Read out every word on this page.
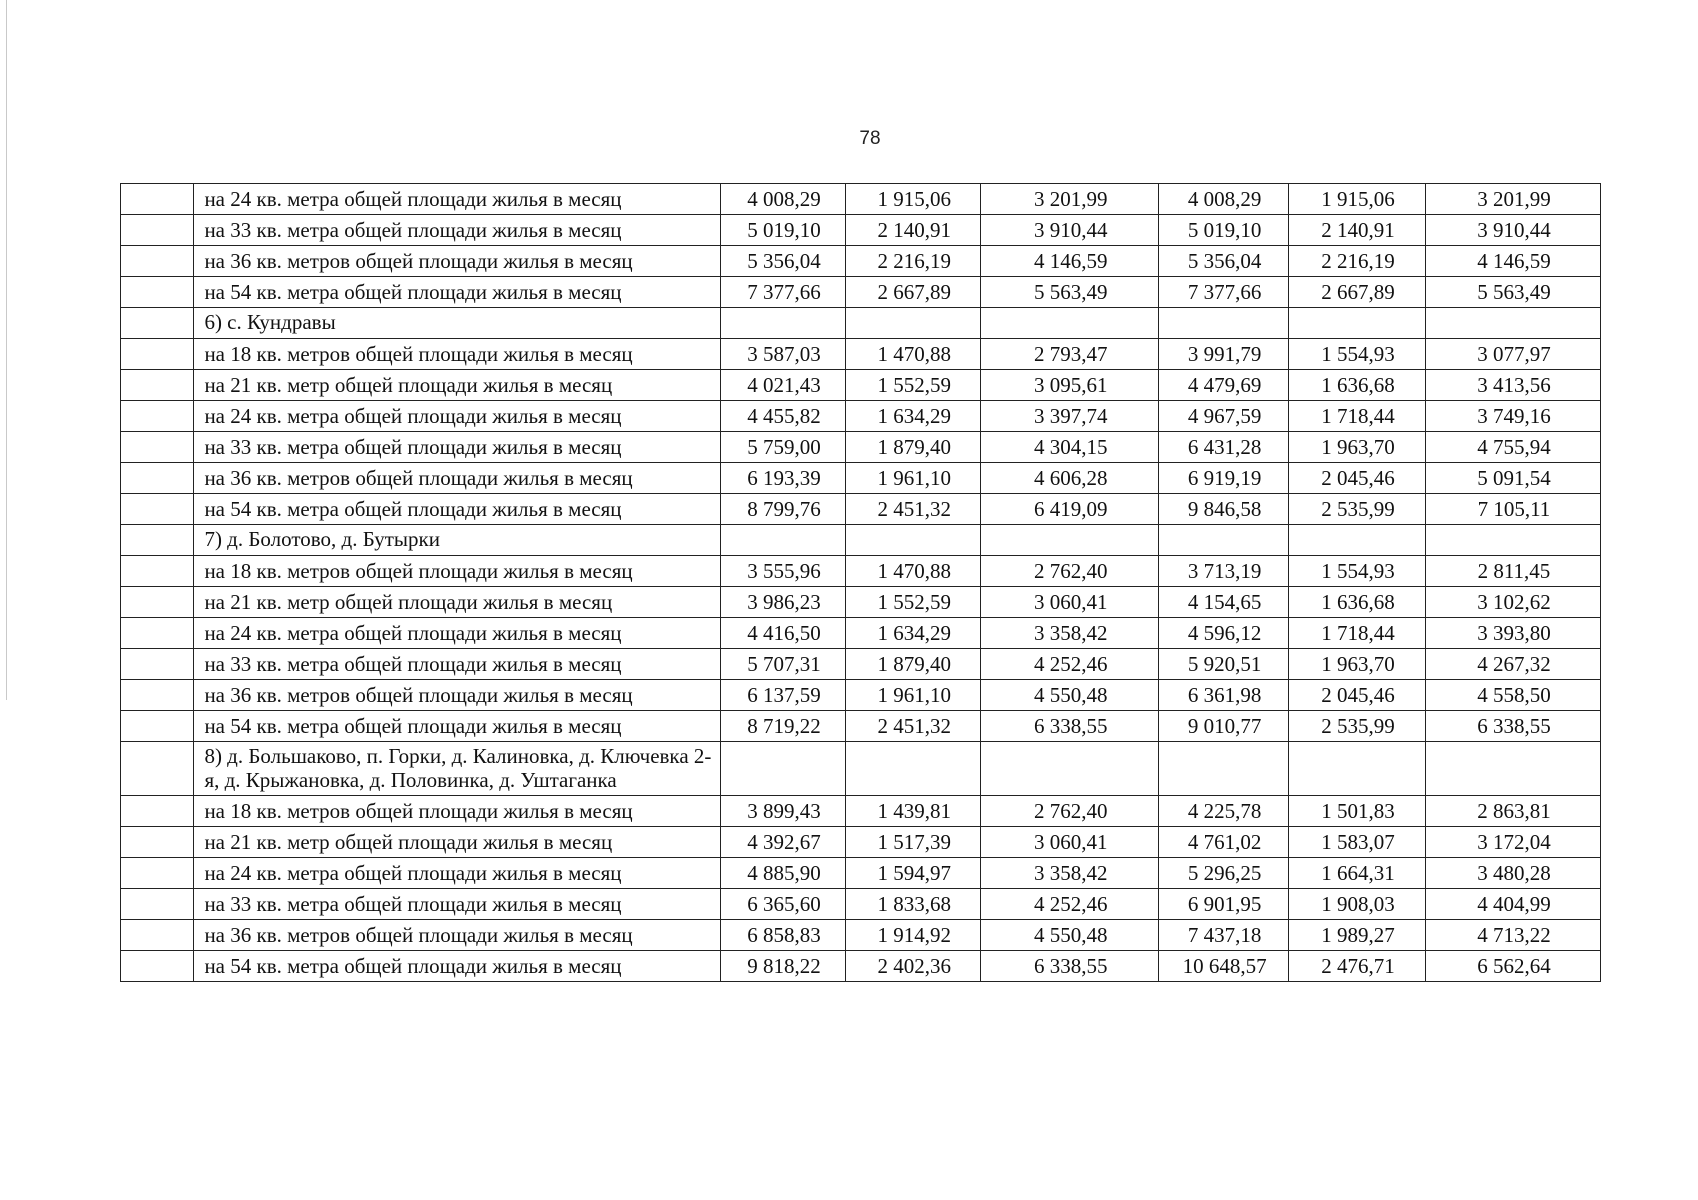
78
	на 24 кв. метра общей площади жилья в месяц	4 008,29	1 915,06	3 201,99	4 008,29	1 915,06	3 201,99
	на 33 кв. метра общей площади жилья в месяц	5 019,10	2 140,91	3 910,44	5 019,10	2 140,91	3 910,44
	на 36 кв. метров общей площади жилья в месяц	5 356,04	2 216,19	4 146,59	5 356,04	2 216,19	4 146,59
	на 54 кв. метра общей площади жилья в месяц	7 377,66	2 667,89	5 563,49	7 377,66	2 667,89	5 563,49
	6) с. Кундравы						
	на 18 кв. метров общей площади жилья в месяц	3 587,03	1 470,88	2 793,47	3 991,79	1 554,93	3 077,97
	на 21 кв. метр общей площади жилья в месяц	4 021,43	1 552,59	3 095,61	4 479,69	1 636,68	3 413,56
	на 24 кв. метра общей площади жилья в месяц	4 455,82	1 634,29	3 397,74	4 967,59	1 718,44	3 749,16
	на 33 кв. метра общей площади жилья в месяц	5 759,00	1 879,40	4 304,15	6 431,28	1 963,70	4 755,94
	на 36 кв. метров общей площади жилья в месяц	6 193,39	1 961,10	4 606,28	6 919,19	2 045,46	5 091,54
	на 54 кв. метра общей площади жилья в месяц	8 799,76	2 451,32	6 419,09	9 846,58	2 535,99	7 105,11
	7) д. Болотово, д. Бутырки						
	на 18 кв. метров общей площади жилья в месяц	3 555,96	1 470,88	2 762,40	3 713,19	1 554,93	2 811,45
	на 21 кв. метр общей площади жилья в месяц	3 986,23	1 552,59	3 060,41	4 154,65	1 636,68	3 102,62
	на 24 кв. метра общей площади жилья в месяц	4 416,50	1 634,29	3 358,42	4 596,12	1 718,44	3 393,80
	на 33 кв. метра общей площади жилья в месяц	5 707,31	1 879,40	4 252,46	5 920,51	1 963,70	4 267,32
	на 36 кв. метров общей площади жилья в месяц	6 137,59	1 961,10	4 550,48	6 361,98	2 045,46	4 558,50
	на 54 кв. метра общей площади жилья в месяц	8 719,22	2 451,32	6 338,55	9 010,77	2 535,99	6 338,55
	8) д. Большаково, п. Горки, д. Калиновка, д. Ключевка 2-я, д. Крыжановка, д. Половинка, д. Уштаганка						
	на 18 кв. метров общей площади жилья в месяц	3 899,43	1 439,81	2 762,40	4 225,78	1 501,83	2 863,81
	на 21 кв. метр общей площади жилья в месяц	4 392,67	1 517,39	3 060,41	4 761,02	1 583,07	3 172,04
	на 24 кв. метра общей площади жилья в месяц	4 885,90	1 594,97	3 358,42	5 296,25	1 664,31	3 480,28
	на 33 кв. метра общей площади жилья в месяц	6 365,60	1 833,68	4 252,46	6 901,95	1 908,03	4 404,99
	на 36 кв. метров общей площади жилья в месяц	6 858,83	1 914,92	4 550,48	7 437,18	1 989,27	4 713,22
	на 54 кв. метра общей площади жилья в месяц	9 818,22	2 402,36	6 338,55	10 648,57	2 476,71	6 562,64
